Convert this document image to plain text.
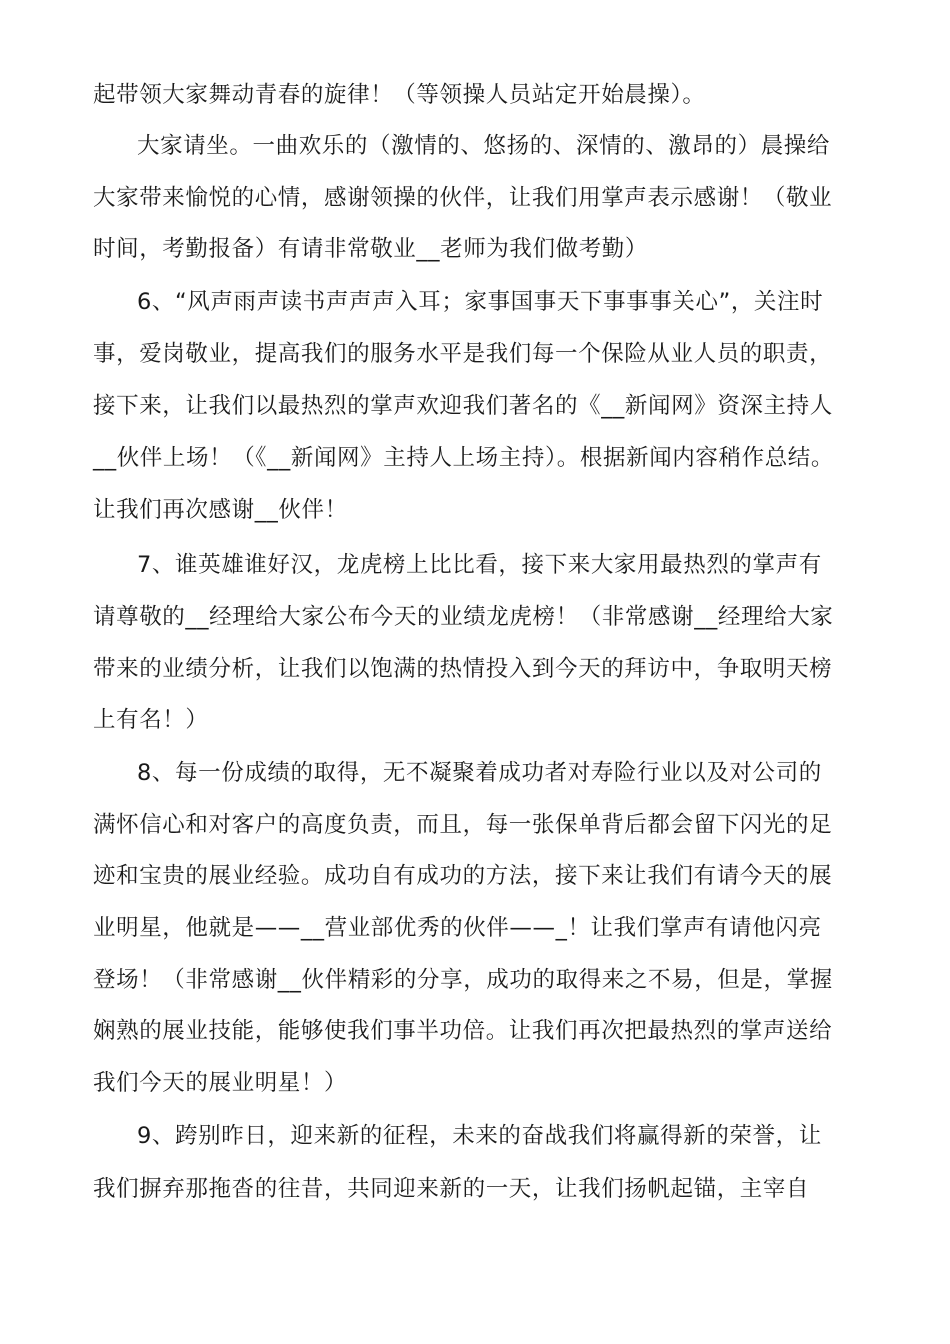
起带领大家舞动青春的旋律！（等领操人员站定开始晨操）。
大家请坐。一曲欢乐的（激情的、悠扬的、深情的、激昂的）晨操给
大家带来愉悦的心情，感谢领操的伙伴，让我们用掌声表示感谢！（敬业
时间，考勤报备）有请非常敬业__老师为我们做考勤）
6、“风声雨声读书声声声入耳；家事国事天下事事事关心”，关注时
事，爱岗敬业，提高我们的服务水平是我们每一个保险从业人员的职责，
接下来，让我们以最热烈的掌声欢迎我们著名的《__新闻网》资深主持人
__伙伴上场！（《__新闻网》主持人上场主持）。根据新闻内容稍作总结。
让我们再次感谢__伙伴！
7、谁英雄谁好汉，龙虎榜上比比看，接下来大家用最热烈的掌声有
请尊敬的__经理给大家公布今天的业绩龙虎榜！（非常感谢__经理给大家
带来的业绩分析，让我们以饱满的热情投入到今天的拜访中，争取明天榜
上有名！）
8、每一份成绩的取得，无不凝聚着成功者对寿险行业以及对公司的
满怀信心和对客户的高度负责，而且，每一张保单背后都会留下闪光的足
迹和宝贵的展业经验。成功自有成功的方法，接下来让我们有请今天的展
业明星，他就是——__营业部优秀的伙伴——_！让我们掌声有请他闪亮
登场！（非常感谢__伙伴精彩的分享，成功的取得来之不易，但是，掌握
娴熟的展业技能，能够使我们事半功倍。让我们再次把最热烈的掌声送给
我们今天的展业明星！）
9、跨别昨日，迎来新的征程，未来的奋战我们将赢得新的荣誉，让
我们摒弃那拖沓的往昔，共同迎来新的一天，让我们扬帆起锚，主宰自
